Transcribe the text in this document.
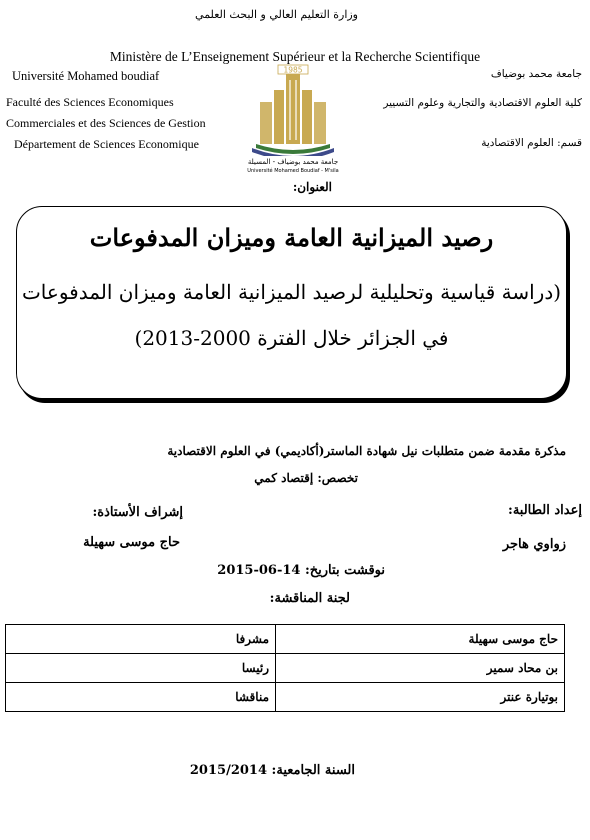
وزارة التعليم العالي و البحث العلمي
Ministère de L’Enseignement Supérieur et la Recherche Scientifique
Université Mohamed boudiaf
Faculté des Sciences Economiques
Commerciales et des Sciences de Gestion
Département de Sciences Economique
جامعة محمد بوضياف
كلية العلوم الاقتصادية والتجارية وعلوم التسيير
قسم: العلوم الاقتصادية
1985
جامعة محمد بوضياف - المسيلة
Université Mohamed Boudiaf - M'sila
العنوان:
رصيد الميزانية العامة وميزان المدفوعات
(دراسة قياسية وتحليلية لرصيد الميزانية العامة وميزان المدفوعات
في الجزائر خلال الفترة 2000-2013)
مذكرة مقدمة ضمن متطلبات نيل شهادة الماستر(أكاديمي) في العلوم الاقتصادية
تخصص: إقتصاد كمي
إعداد الطالبة:
إشراف الأستاذة:
زواوي هاجر
حاج موسى سهيلة
نوقشت بتاريخ: 2015-06-14
لجنة المناقشة:
حاج موسى سهيلة	مشرفا
بن محاد سمير	رئيسا
بوتيارة عنتر	مناقشا
السنة الجامعية: 2015/2014
